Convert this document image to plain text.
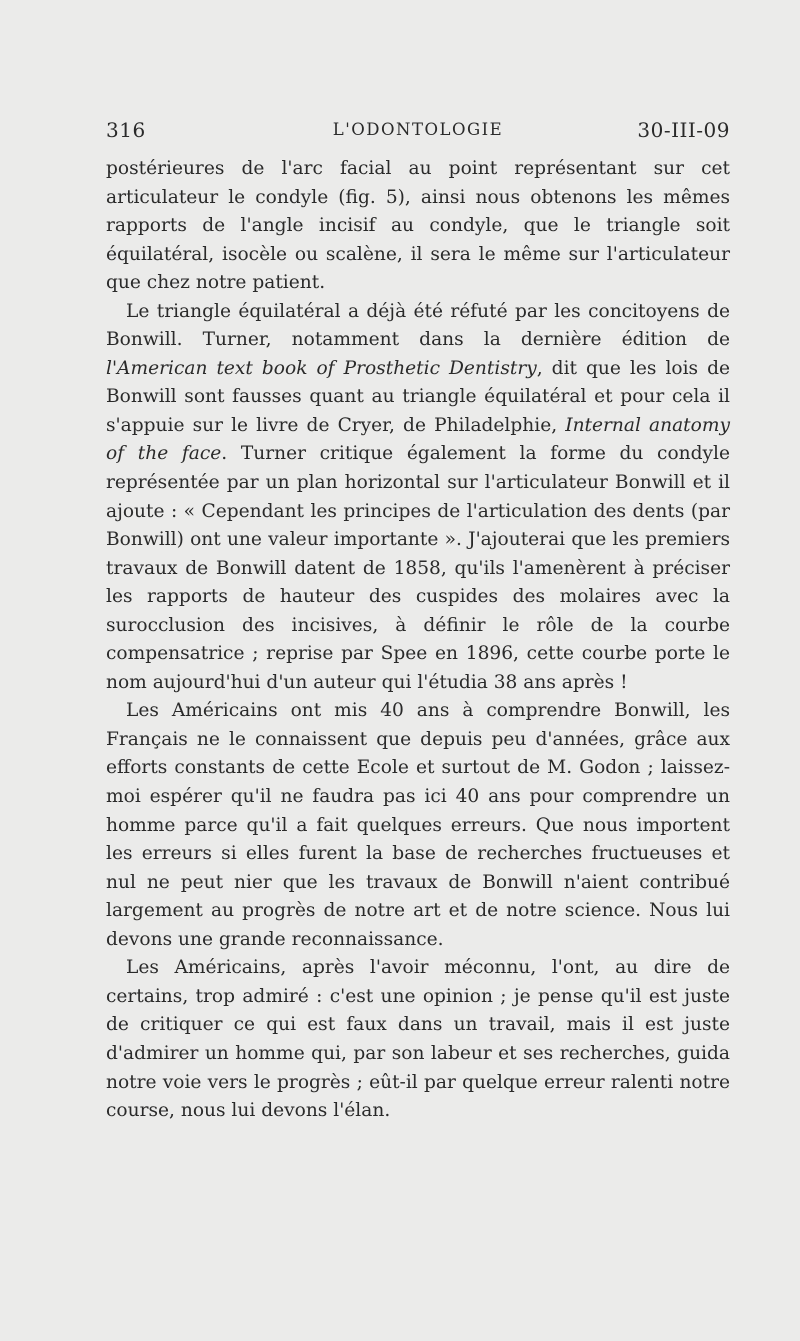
316	L'ODONTOLOGIE	30-III-09

postérieures de l'arc facial au point représentant sur cet articulateur le condyle (fig. 5), ainsi nous obtenons les mêmes rapports de l'angle incisif au condyle, que le triangle soit équilatéral, isocèle ou scalène, il sera le même sur l'articulateur que chez notre patient.

Le triangle équilatéral a déjà été réfuté par les concitoyens de Bonwill. Turner, notamment dans la dernière édition de l'American text book of Prosthetic Dentistry, dit que les lois de Bonwill sont fausses quant au triangle équilatéral et pour cela il s'appuie sur le livre de Cryer, de Philadelphie, Internal anatomy of the face. Turner critique également la forme du condyle représentée par un plan horizontal sur l'articulateur Bonwill et il ajoute : « Cependant les principes de l'articulation des dents (par Bonwill) ont une valeur importante ». J'ajouterai que les premiers travaux de Bonwill datent de 1858, qu'ils l'amenèrent à préciser les rapports de hauteur des cuspides des molaires avec la surocclusion des incisives, à définir le rôle de la courbe compensatrice ; reprise par Spee en 1896, cette courbe porte le nom aujourd'hui d'un auteur qui l'étudia 38 ans après !

Les Américains ont mis 40 ans à comprendre Bonwill, les Français ne le connaissent que depuis peu d'années, grâce aux efforts constants de cette Ecole et surtout de M. Godon ; laissez-moi espérer qu'il ne faudra pas ici 40 ans pour comprendre un homme parce qu'il a fait quelques erreurs. Que nous importent les erreurs si elles furent la base de recherches fructueuses et nul ne peut nier que les travaux de Bonwill n'aient contribué largement au progrès de notre art et de notre science. Nous lui devons une grande reconnaissance.

Les Américains, après l'avoir méconnu, l'ont, au dire de certains, trop admiré : c'est une opinion ; je pense qu'il est juste de critiquer ce qui est faux dans un travail, mais il est juste d'admirer un homme qui, par son labeur et ses recherches, guida notre voie vers le progrès ; eût-il par quelque erreur ralenti notre course, nous lui devons l'élan.
